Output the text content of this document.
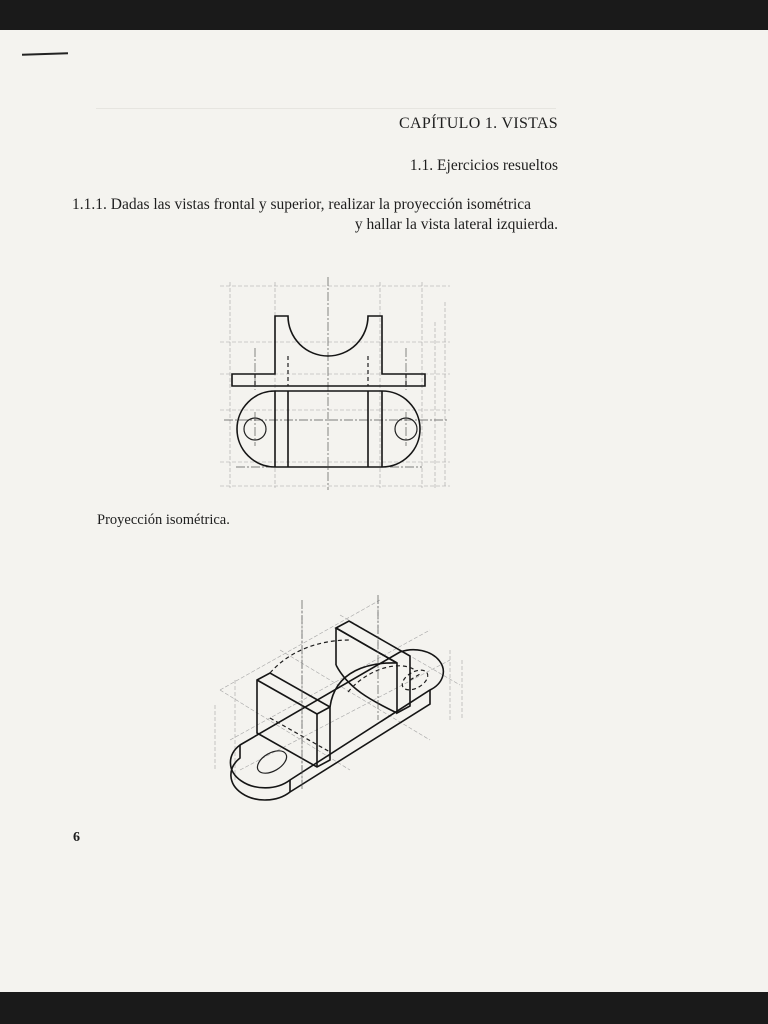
CAPÍTULO 1. VISTAS
1.1. Ejercicios resueltos
1.1.1. Dadas las vistas frontal y superior, realizar la proyección isométrica
y hallar la vista lateral izquierda.
Proyección isométrica.
6
